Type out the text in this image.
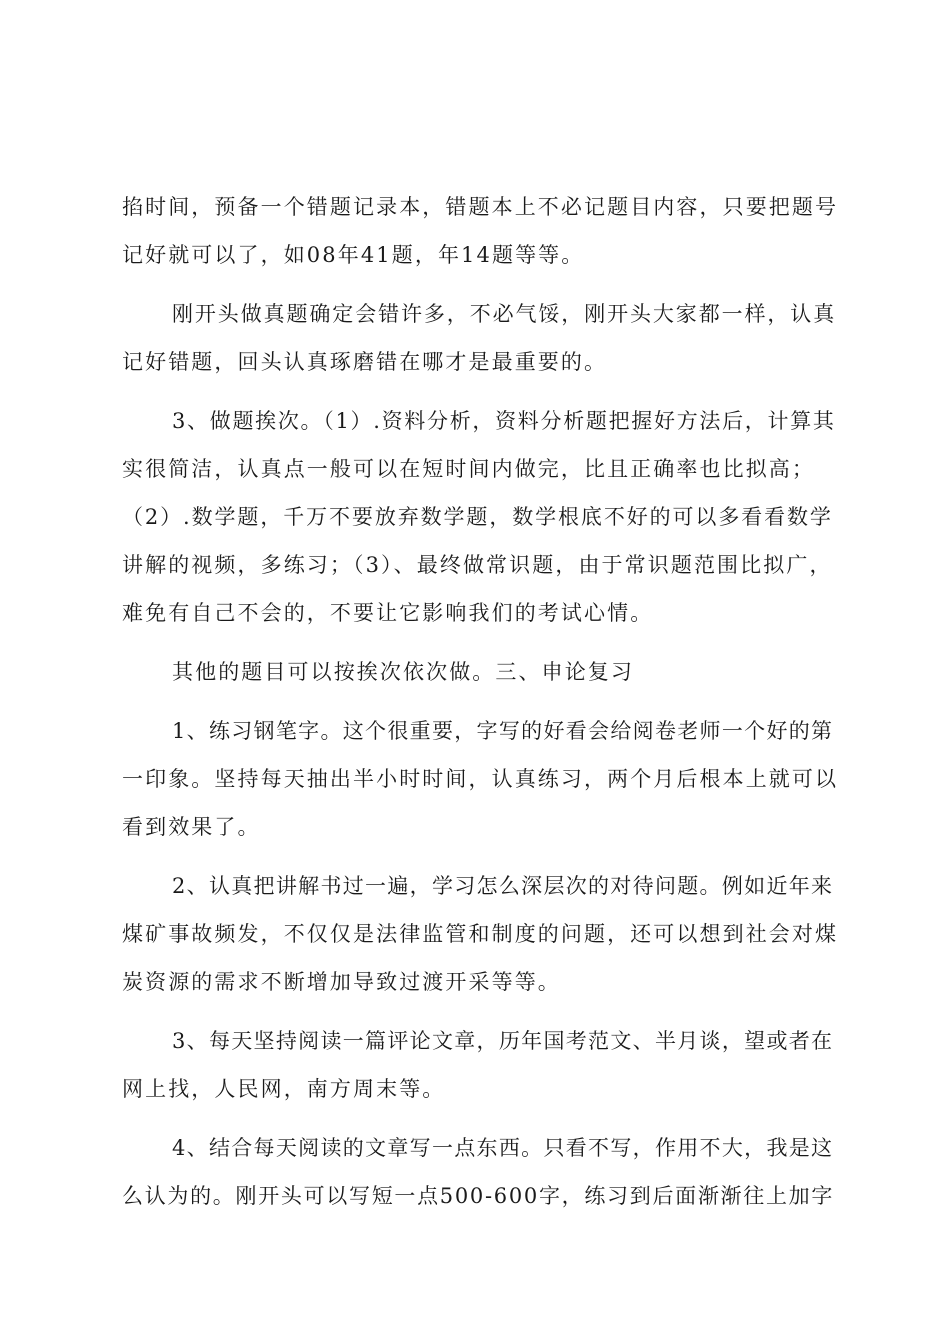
掐时间，预备一个错题记录本，错题本上不必记题目内容，只要把题号
记好就可以了，如08年41题，年14题等等。

刚开头做真题确定会错许多，不必气馁，刚开头大家都一样，认真
记好错题，回头认真琢磨错在哪才是最重要的。

3、做题挨次。（1）.资料分析，资料分析题把握好方法后，计算其
实很简洁，认真点一般可以在短时间内做完，比且正确率也比拟高；
（2）.数学题，千万不要放弃数学题，数学根底不好的可以多看看数学
讲解的视频，多练习；（3）、最终做常识题，由于常识题范围比拟广，
难免有自己不会的，不要让它影响我们的考试心情。

其他的题目可以按挨次依次做。三、申论复习

1、练习钢笔字。这个很重要，字写的好看会给阅卷老师一个好的第
一印象。坚持每天抽出半小时时间，认真练习，两个月后根本上就可以
看到效果了。

2、认真把讲解书过一遍，学习怎么深层次的对待问题。例如近年来
煤矿事故频发，不仅仅是法律监管和制度的问题，还可以想到社会对煤
炭资源的需求不断增加导致过渡开采等等。

3、每天坚持阅读一篇评论文章，历年国考范文、半月谈，望或者在
网上找，人民网，南方周末等。

4、结合每天阅读的文章写一点东西。只看不写，作用不大，我是这
么认为的。刚开头可以写短一点500-600字，练习到后面渐渐往上加字
